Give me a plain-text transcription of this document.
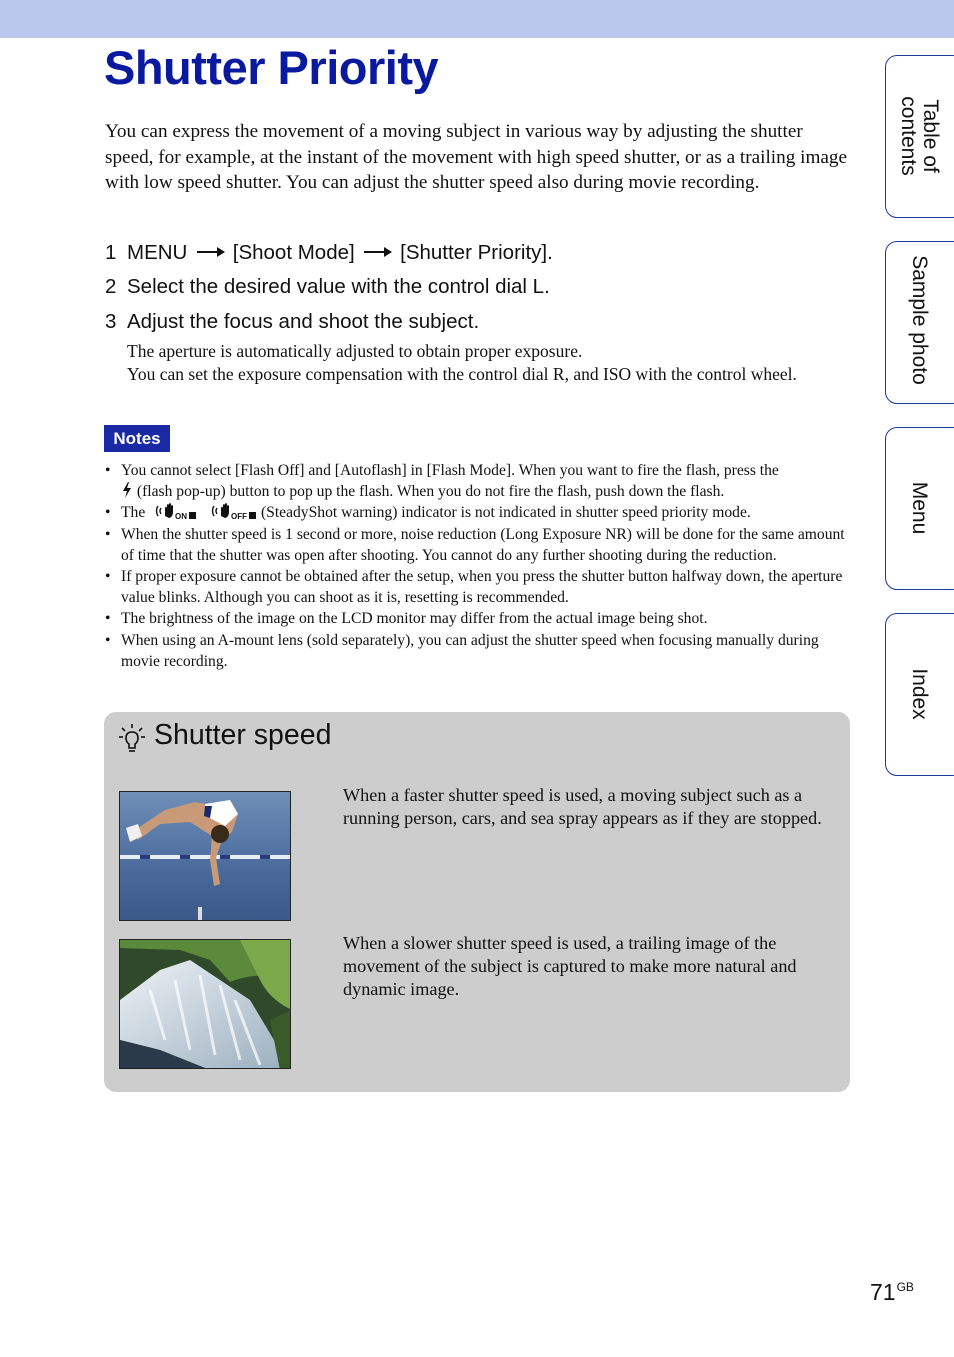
Shutter Priority

You can express the movement of a moving subject in various way by adjusting the shutter speed, for example, at the instant of the movement with high speed shutter, or as a trailing image with low speed shutter. You can adjust the shutter speed also during movie recording.

1 MENU [Shoot Mode] [Shutter Priority].
2 Select the desired value with the control dial L.
3 Adjust the focus and shoot the subject.
The aperture is automatically adjusted to obtain proper exposure.
You can set the exposure compensation with the control dial R, and ISO with the control wheel.
Notes
• You cannot select [Flash Off] and [Autoflash] in [Flash Mode]. When you want to fire the flash, press the
(flash pop-up) button to pop up the flash. When you do not fire the flash, push down the flash.
• The	ON
	OFF (SteadyShot warning) indicator is not indicated in shutter speed priority mode.
• When the shutter speed is 1 second or more, noise reduction (Long Exposure NR) will be done for the same amount of time that the shutter was open after shooting. You cannot do any further shooting during the reduction.
• If proper exposure cannot be obtained after the setup, when you press the shutter button halfway down, the aperture value blinks. Although you can shoot as it is, resetting is recommended.
• The brightness of the image on the LCD monitor may differ from the actual image being shot.
• When using an A-mount lens (sold separately), you can adjust the shutter speed when focusing manually during movie recording.
Shutter speed

When a faster shutter speed is used, a moving subject such as a running person, cars, and sea spray appears as if they are stopped.

When a slower shutter speed is used, a trailing image of the movement of the subject is captured to make more natural and dynamic image.

Table of
contents
Sample photo
Menu
Index
$71^{GB}$
